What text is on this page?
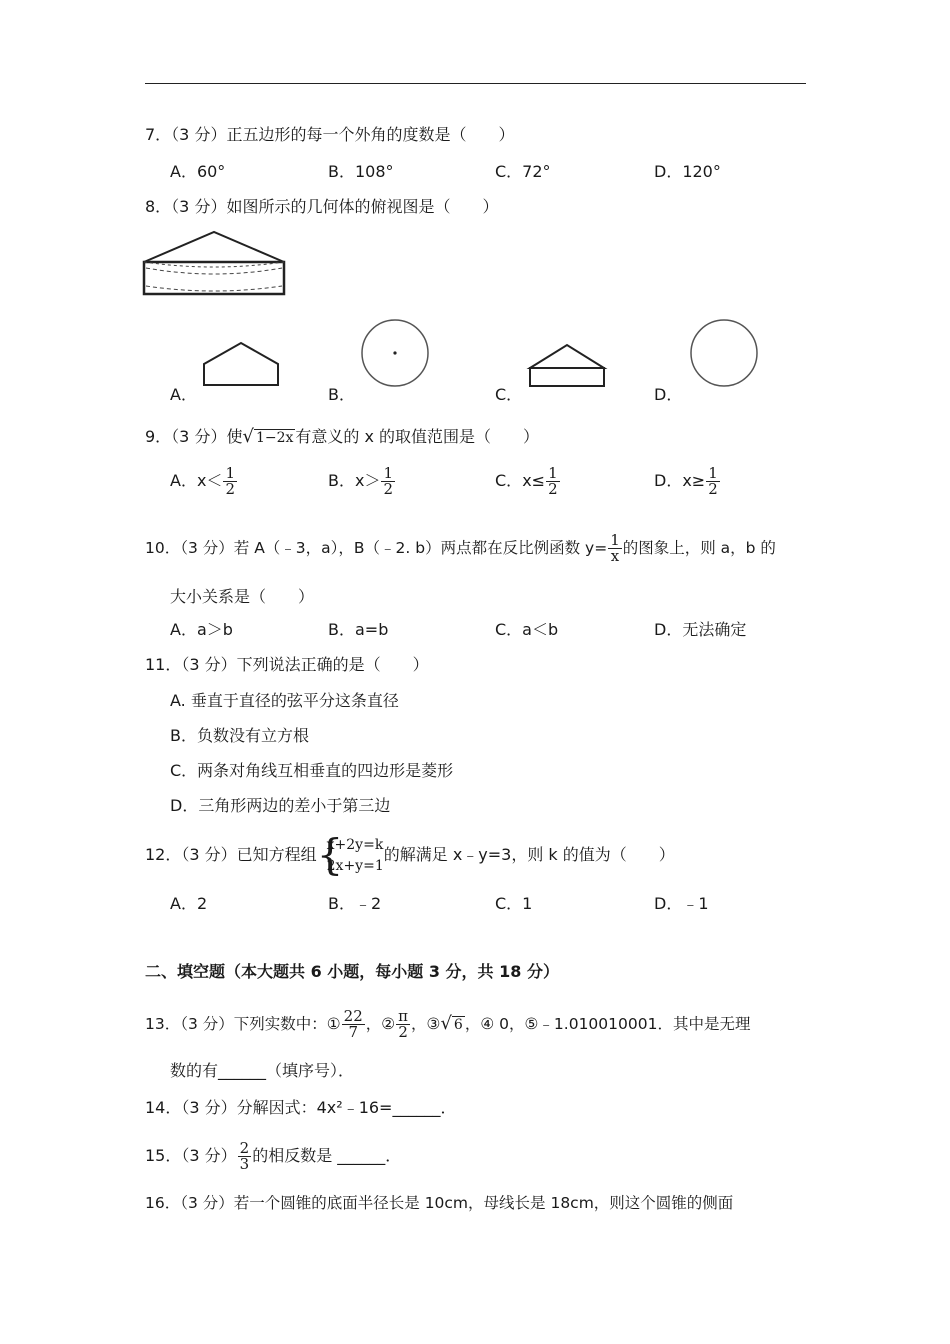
7．（3 分）正五边形的每一个外角的度数是（　　）
A．60°	B．108°	C．72°	D．120°
8．（3 分）如图所示的几何体的俯视图是（　　）
A．	B．	C．	D．
9．（3 分）使√ 1−2x 有意义的 x 的取值范围是（　　）
A．$x< \frac{1}{2}$	B．$x> \frac{1}{2}$	C．$x\le \frac{1}{2}$	D．$x\ge \frac{1}{2}$
10．（3 分）若 A（﹣3，a），B（﹣2. b）两点都在反比例函数 $y= \frac{1}{x}$ 的图象上，则 a，b 的
大小关系是（　　）
A．a＞b	B．a=b	C．a＜b	D．无法确定
11．（3 分）下列说法正确的是（　　）
A. 垂直于直径的弦平分这条直径
B．负数没有立方根
C．两条对角线互相垂直的四边形是菱形
D．三角形两边的差小于第三边
12．（3 分）已知方程组 {
x+2y=k
2x+y=1
的解满足 x﹣y=3，则 k 的值为（　　）
A．2	B．﹣2	C．1	D．﹣1
二、填空题（本大题共 6 小题，每小题 3 分，共 18 分）
13．（3 分）下列实数中：① $\frac{22}{7}$ ，② $\frac{\pi}{2}$ ，③√ 6 ，④ 0，⑤﹣1.010010001．其中是无理
数的有______（填序号）．
14．（3 分）分解因式：4x²﹣16=______．
15．（3 分） $\frac{2}{3}$ 的相反数是 ______．
16．（3 分）若一个圆锥的底面半径长是 10cm，母线长是 18cm，则这个圆锥的侧面
